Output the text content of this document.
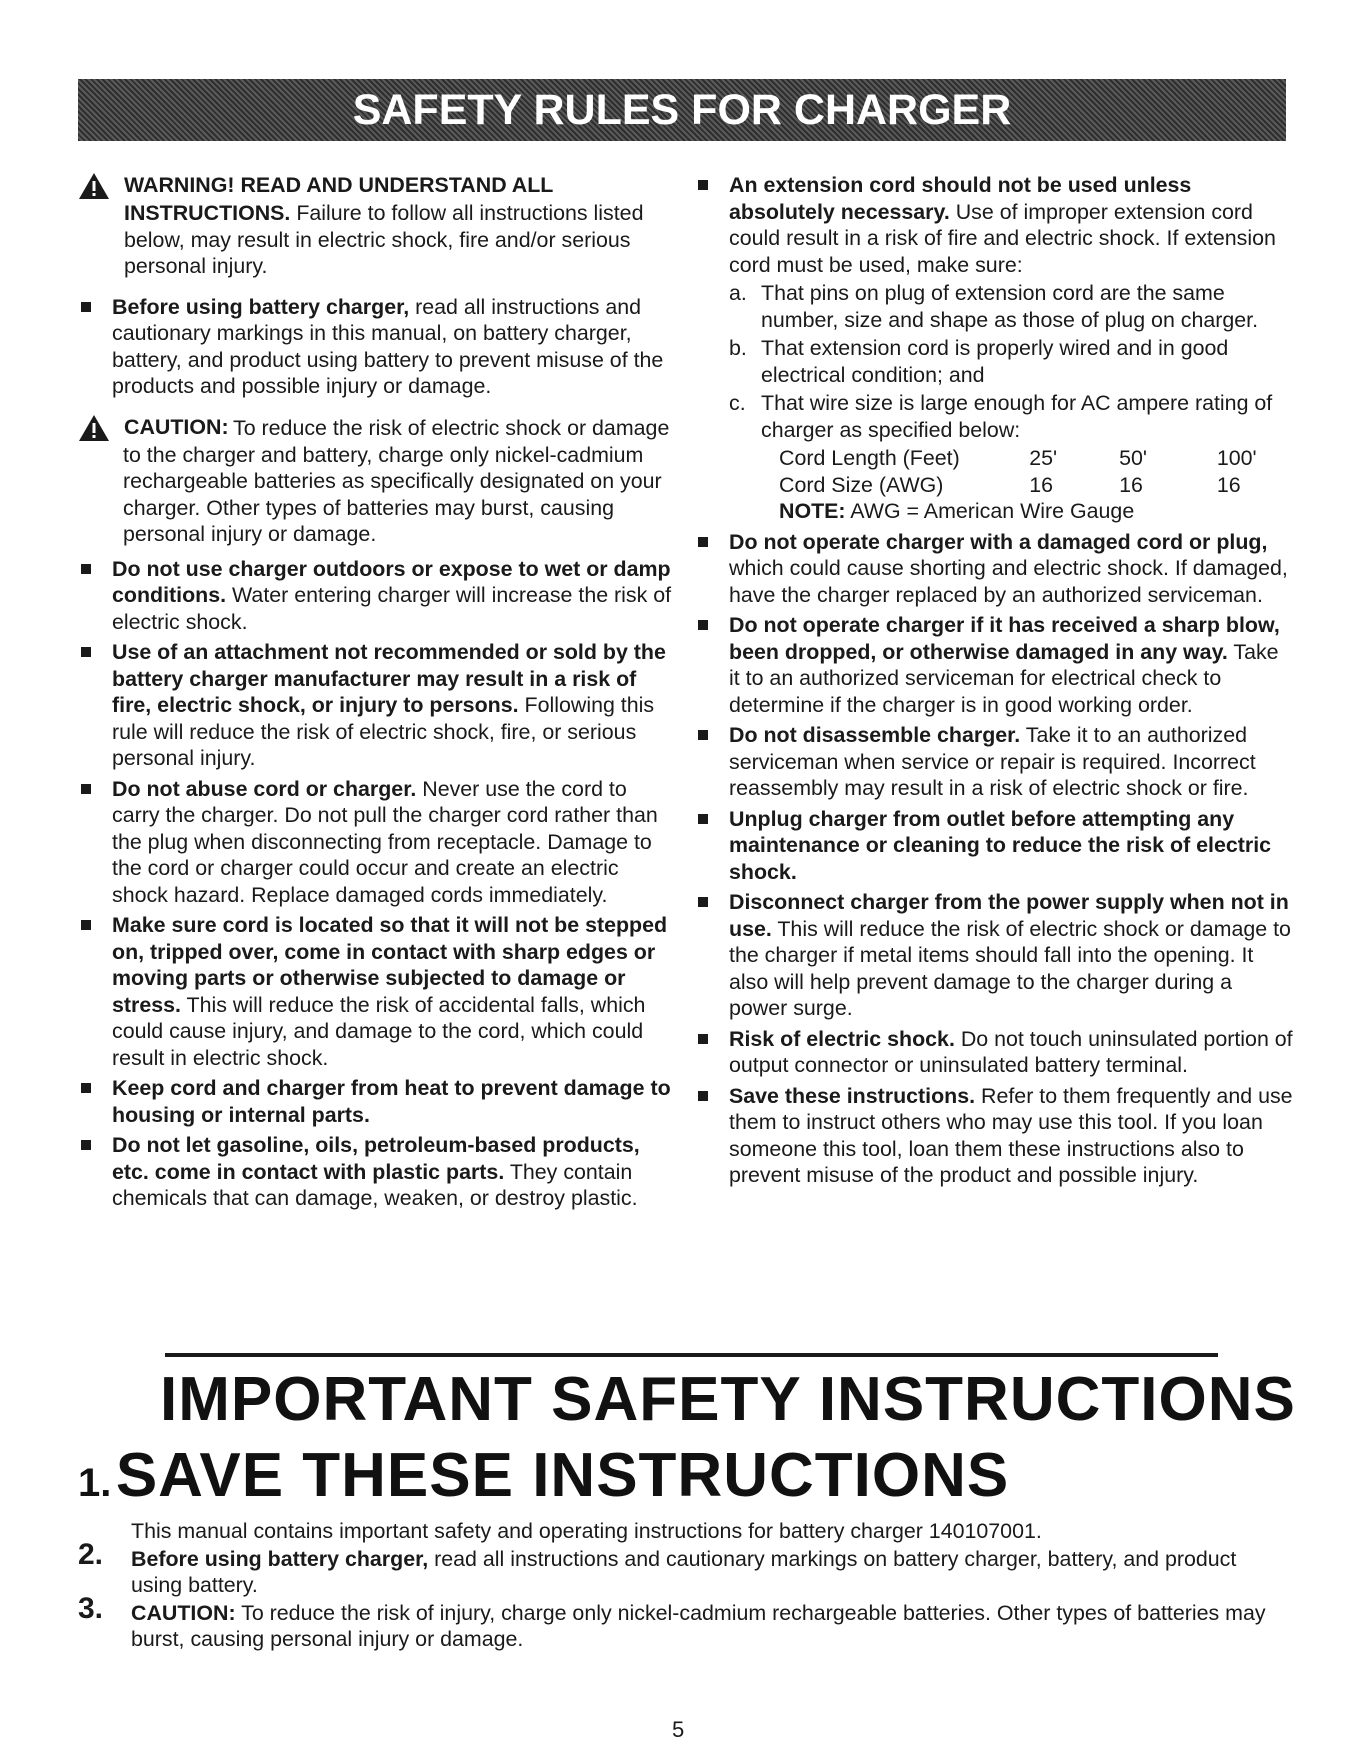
SAFETY RULES FOR CHARGER
WARNING! READ AND UNDERSTAND ALL
INSTRUCTIONS. Failure to follow all instructions listed below, may result in electric shock, fire and/or serious personal injury.
Before using battery charger, read all instructions and cautionary markings in this manual, on battery charger, battery, and product using battery to prevent misuse of the products and possible injury or damage.
CAUTION: To reduce the risk of electric shock or damage to the charger and battery, charge only nickel-cadmium rechargeable batteries as specifically designated on your charger. Other types of batteries may burst, causing personal injury or damage.
Do not use charger outdoors or expose to wet or damp conditions. Water entering charger will increase the risk of electric shock.
Use of an attachment not recommended or sold by the battery charger manufacturer may result in a risk of fire, electric shock, or injury to persons. Following this rule will reduce the risk of electric shock, fire, or serious personal injury.
Do not abuse cord or charger. Never use the cord to carry the charger. Do not pull the charger cord rather than the plug when disconnecting from receptacle. Damage to the cord or charger could occur and create an electric shock hazard. Replace damaged cords immediately.
Make sure cord is located so that it will not be stepped on, tripped over, come in contact with sharp edges or moving parts or otherwise subjected to damage or stress. This will reduce the risk of accidental falls, which could cause injury, and damage to the cord, which could result in electric shock.
Keep cord and charger from heat to prevent damage to housing or internal parts.
Do not let gasoline, oils, petroleum-based products, etc. come in contact with plastic parts. They contain chemicals that can damage, weaken, or destroy plastic.
An extension cord should not be used unless absolutely necessary. Use of improper extension cord could result in a risk of fire and electric shock. If extension cord must be used, make sure:
a. That pins on plug of extension cord are the same number, size and shape as those of plug on charger.
b. That extension cord is properly wired and in good electrical condition; and
c. That wire size is large enough for AC ampere rating of charger as specified below:
Cord Length (Feet)	25'	50'	100'
Cord Size (AWG)	16	16	16
NOTE: AWG = American Wire Gauge
Do not operate charger with a damaged cord or plug, which could cause shorting and electric shock. If damaged, have the charger replaced by an authorized serviceman.
Do not operate charger if it has received a sharp blow, been dropped, or otherwise damaged in any way. Take it to an authorized serviceman for electrical check to determine if the charger is in good working order.
Do not disassemble charger. Take it to an authorized serviceman when service or repair is required. Incorrect reassembly may result in a risk of electric shock or fire.
Unplug charger from outlet before attempting any maintenance or cleaning to reduce the risk of electric shock.
Disconnect charger from the power supply when not in use. This will reduce the risk of electric shock or damage to the charger if metal items should fall into the opening. It also will help prevent damage to the charger during a power surge.
Risk of electric shock. Do not touch uninsulated portion of output connector or uninsulated battery terminal.
Save these instructions. Refer to them frequently and use them to instruct others who may use this tool. If you loan someone this tool, loan them these instructions also to prevent misuse of the product and possible injury.
IMPORTANT SAFETY INSTRUCTIONS
1. SAVE THESE INSTRUCTIONS
This manual contains important safety and operating instructions for battery charger 140107001.
2. Before using battery charger, read all instructions and cautionary markings on battery charger, battery, and product using battery.
3. CAUTION: To reduce the risk of injury, charge only nickel-cadmium rechargeable batteries. Other types of batteries may burst, causing personal injury or damage.
5
